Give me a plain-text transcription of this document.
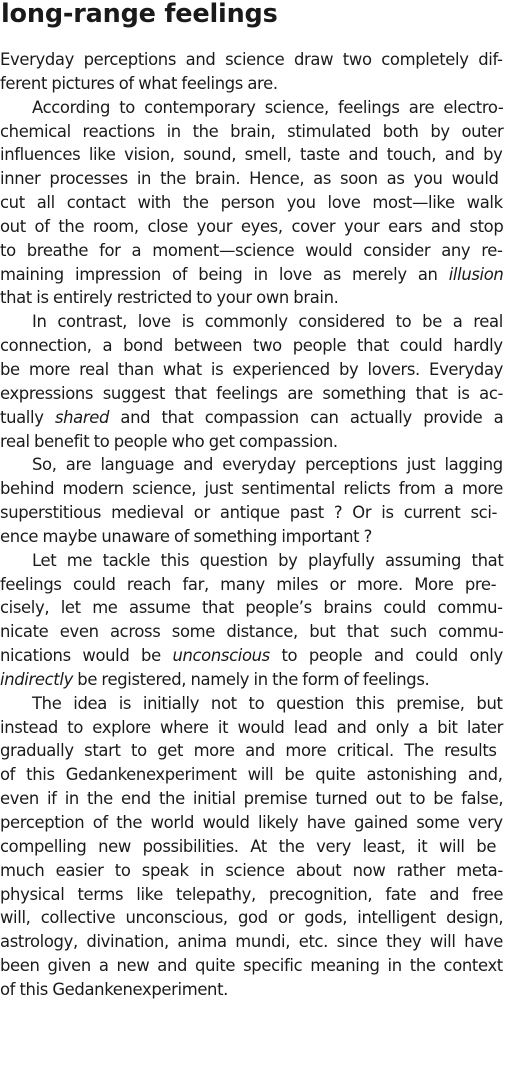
long-range feelings
Everyday perceptions and science draw two completely dif-
ferent pictures of what feelings are.
According to contemporary science, feelings are electro-
chemical reactions in the brain, stimulated both by outer
influences like vision, sound, smell, taste and touch, and by
inner processes in the brain. Hence, as soon as you would
cut all contact with the person you love most—like walk
out of the room, close your eyes, cover your ears and stop
to breathe for a moment—science would consider any re-
maining impression of being in love as merely an illusion
that is entirely restricted to your own brain.
In contrast, love is commonly considered to be a real
connection, a bond between two people that could hardly
be more real than what is experienced by lovers. Everyday
expressions suggest that feelings are something that is ac-
tually shared and that compassion can actually provide a
real benefit to people who get compassion.
So, are language and everyday perceptions just lagging
behind modern science, just sentimental relicts from a more
superstitious medieval or antique past ? Or is current sci-
ence maybe unaware of something important ?
Let me tackle this question by playfully assuming that
feelings could reach far, many miles or more. More pre-
cisely, let me assume that people’s brains could commu-
nicate even across some distance, but that such commu-
nications would be unconscious to people and could only
indirectly be registered, namely in the form of feelings.
The idea is initially not to question this premise, but
instead to explore where it would lead and only a bit later
gradually start to get more and more critical. The results
of this Gedankenexperiment will be quite astonishing and,
even if in the end the initial premise turned out to be false,
perception of the world would likely have gained some very
compelling new possibilities. At the very least, it will be
much easier to speak in science about now rather meta-
physical terms like telepathy, precognition, fate and free
will, collective unconscious, god or gods, intelligent design,
astrology, divination, anima mundi, etc. since they will have
been given a new and quite specific meaning in the context
of this Gedankenexperiment.
